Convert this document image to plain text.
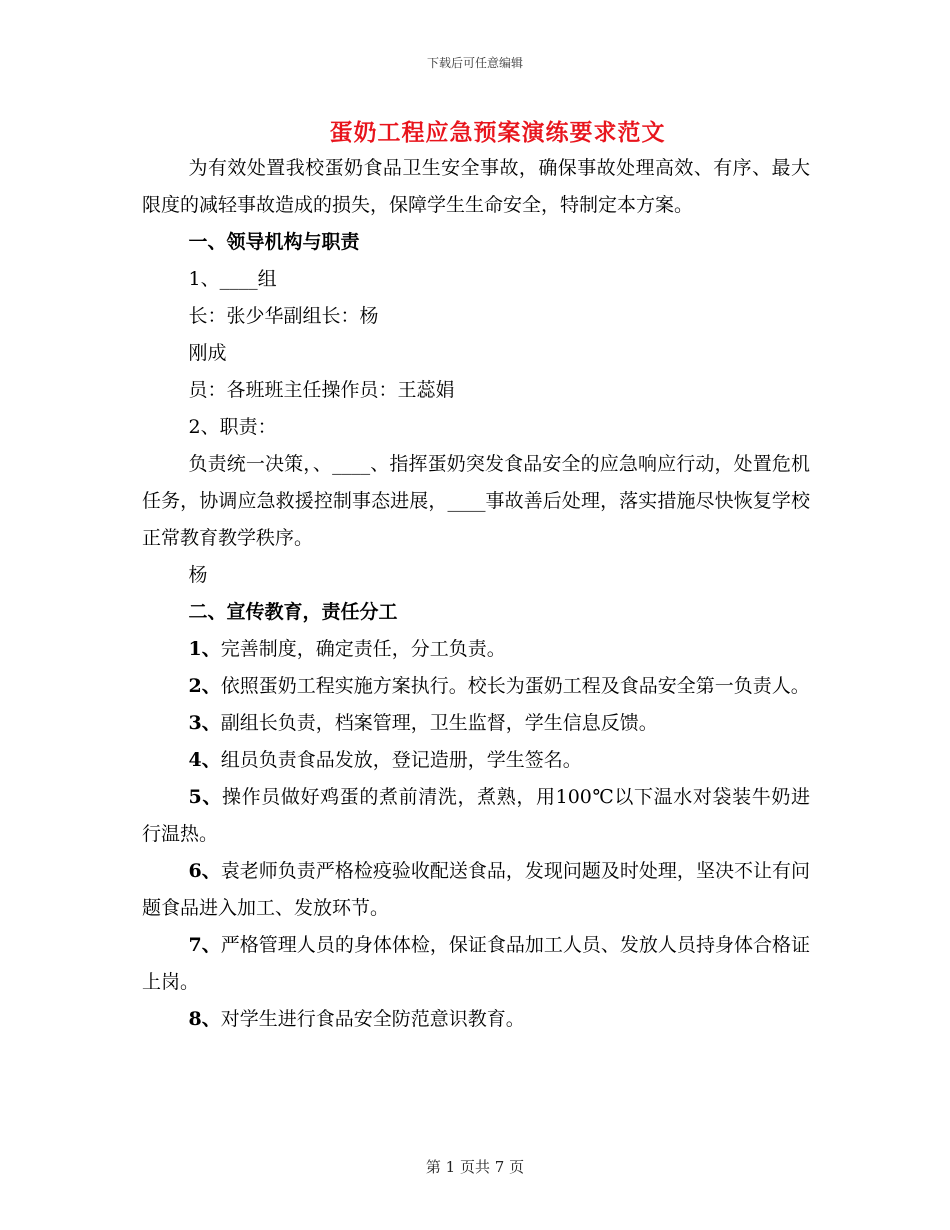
下载后可任意编辑
蛋奶工程应急预案演练要求范文

为有效处置我校蛋奶食品卫生安全事故，确保事故处理高效、有序、最大限度的减轻事故造成的损失，保障学生生命安全，特制定本方案。

一、领导机构与职责

1、____组

长：张少华副组长：杨

刚成

员：各班班主任操作员：王蕊娟

2、职责：

负责统一决策，、____、指挥蛋奶突发食品安全的应急响应行动，处置危机任务，协调应急救援控制事态进展，____事故善后处理，落实措施尽快恢复学校正常教育教学秩序。

杨

二、宣传教育，责任分工

1、完善制度，确定责任，分工负责。

2、依照蛋奶工程实施方案执行。校长为蛋奶工程及食品安全第一负责人。

3、副组长负责，档案管理，卫生监督，学生信息反馈。

4、组员负责食品发放，登记造册，学生签名。

5、操作员做好鸡蛋的煮前清洗，煮熟，用100℃以下温水对袋装牛奶进行温热。

6、袁老师负责严格检疫验收配送食品，发现问题及时处理，坚决不让有问题食品进入加工、发放环节。

7、严格管理人员的身体体检，保证食品加工人员、发放人员持身体合格证上岗。

8、对学生进行食品安全防范意识教育。

第 1 页共 7 页
